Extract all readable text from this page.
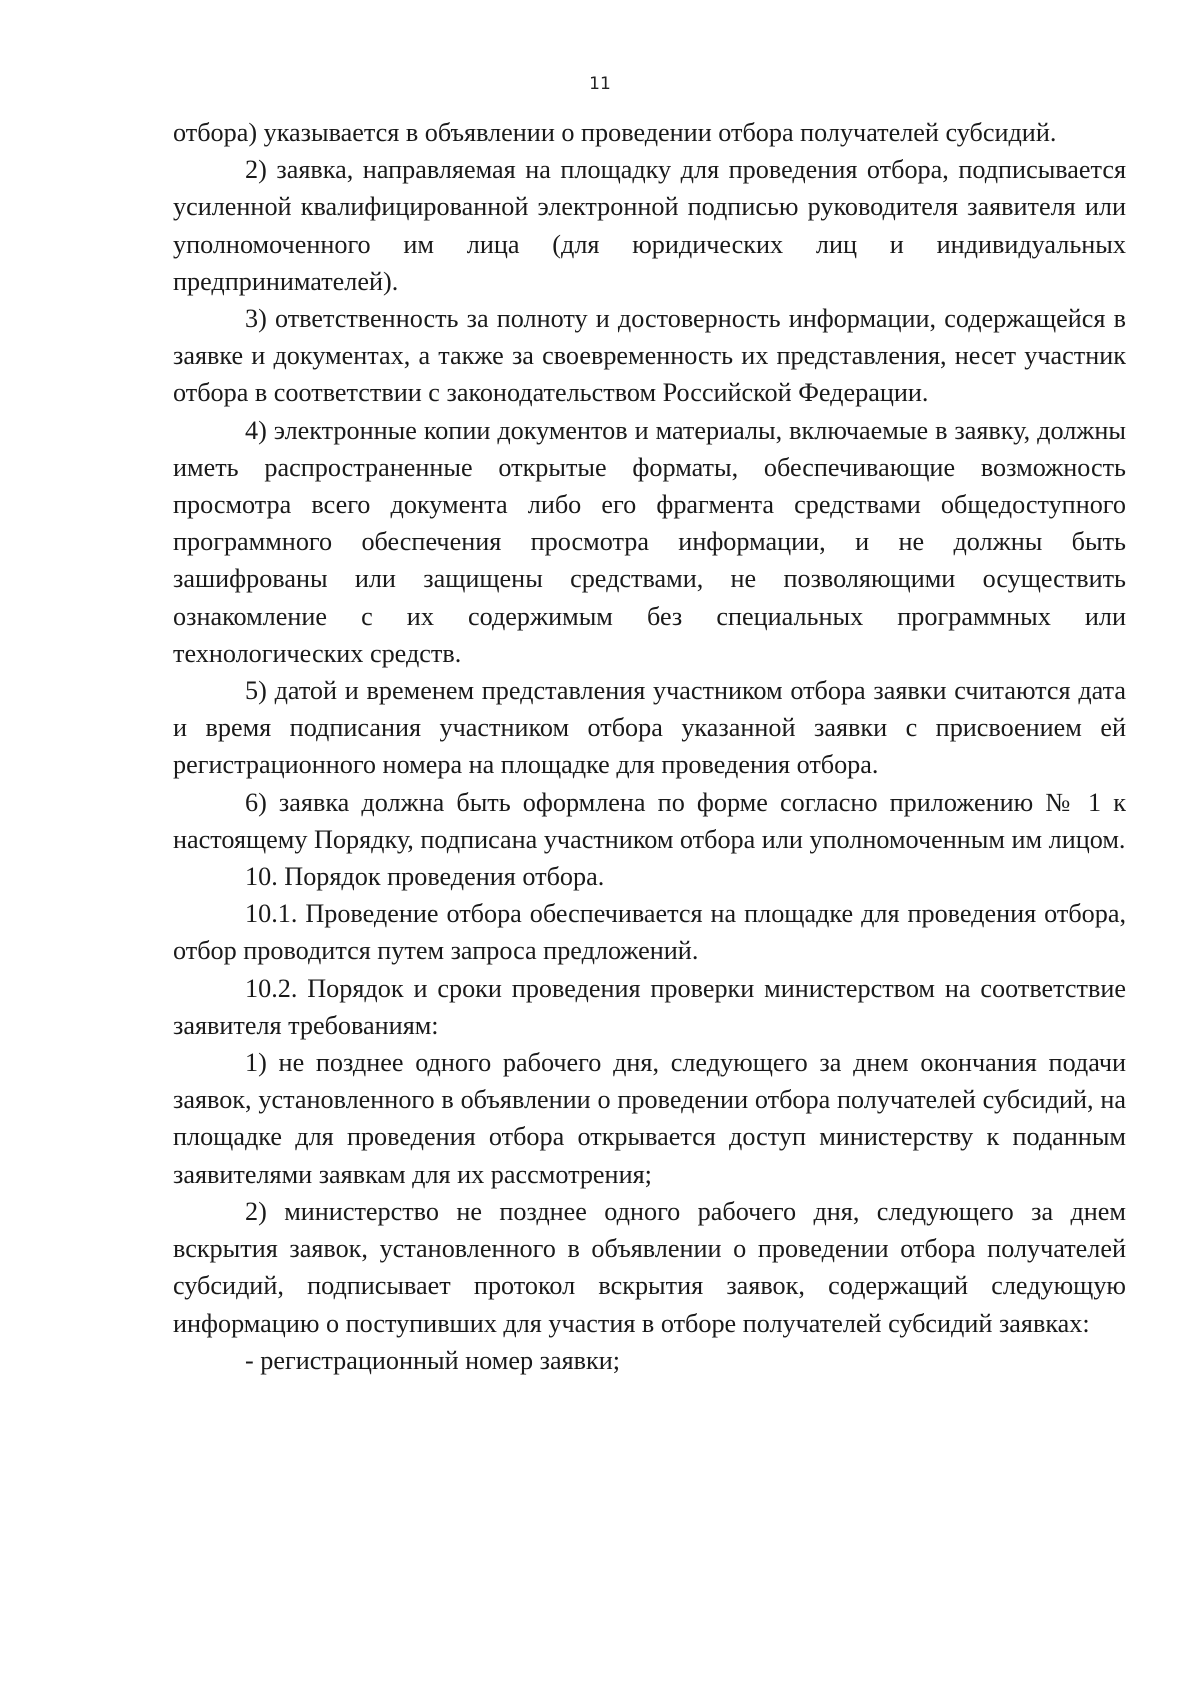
11

отбора) указывается в объявлении о проведении отбора получателей субсидий.

2) заявка, направляемая на площадку для проведения отбора, подписывается усиленной квалифицированной электронной подписью руководителя заявителя или уполномоченного им лица (для юридических лиц и индивидуальных предпринимателей).

3) ответственность за полноту и достоверность информации, содержащейся в заявке и документах, а также за своевременность их представления, несет участник отбора в соответствии с законодательством Российской Федерации.

4) электронные копии документов и материалы, включаемые в заявку, должны иметь распространенные открытые форматы, обеспечивающие возможность просмотра всего документа либо его фрагмента средствами общедоступного программного обеспечения просмотра информации, и не должны быть зашифрованы или защищены средствами, не позволяющими осуществить ознакомление с их содержимым без специальных программных или технологических средств.

5) датой и временем представления участником отбора заявки считаются дата и время подписания участником отбора указанной заявки с присвоением ей регистрационного номера на площадке для проведения отбора.

6) заявка должна быть оформлена по форме согласно приложению № 1 к настоящему Порядку, подписана участником отбора или уполномоченным им лицом.

10. Порядок проведения отбора.

10.1. Проведение отбора обеспечивается на площадке для проведения отбора, отбор проводится путем запроса предложений.

10.2. Порядок и сроки проведения проверки министерством на соответствие заявителя требованиям:

1) не позднее одного рабочего дня, следующего за днем окончания подачи заявок, установленного в объявлении о проведении отбора получателей субсидий, на площадке для проведения отбора открывается доступ министерству к поданным заявителями заявкам для их рассмотрения;

2) министерство не позднее одного рабочего дня, следующего за днем вскрытия заявок, установленного в объявлении о проведении отбора получателей субсидий, подписывает протокол вскрытия заявок, содержащий следующую информацию о поступивших для участия в отборе получателей субсидий заявках:

- регистрационный номер заявки;
